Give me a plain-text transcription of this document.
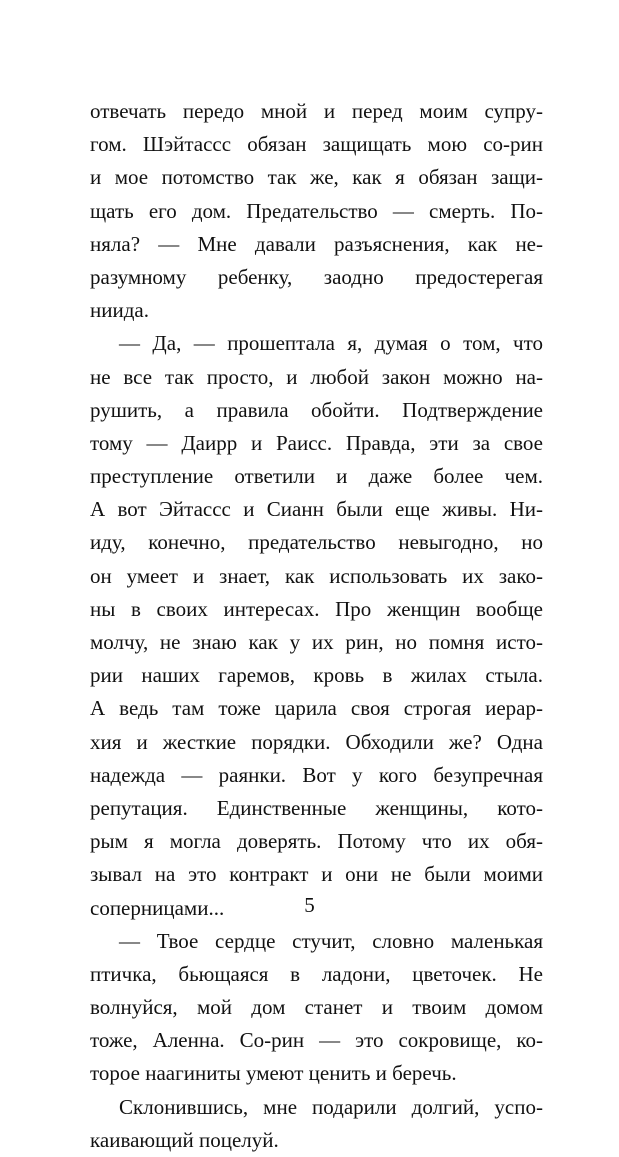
отвечать передо мной и перед моим супру-
гом. Шэйтассс обязан защищать мою со-рин
и мое потомство так же, как я обязан защи-
щать его дом. Предательство — смерть. По-
няла? — Мне давали разъяснения, как не-
разумному ребенку, заодно предостерегая
ниида.
— Да, — прошептала я, думая о том, что
не все так просто, и любой закон можно на-
рушить, а правила обойти. Подтверждение
тому — Даирр и Раисс. Правда, эти за свое
преступление ответили и даже более чем.
А вот Эйтассс и Сианн были еще живы. Ни-
иду, конечно, предательство невыгодно, но
он умеет и знает, как использовать их зако-
ны в своих интересах. Про женщин вообще
молчу, не знаю как у их рин, но помня исто-
рии наших гаремов, кровь в жилах стыла.
А ведь там тоже царила своя строгая иерар-
хия и жесткие порядки. Обходили же? Одна
надежда — раянки. Вот у кого безупречная
репутация. Единственные женщины, кото-
рым я могла доверять. Потому что их обя-
зывал на это контракт и они не были моими
соперницами...
— Твое сердце стучит, словно маленькая
птичка, бьющаяся в ладони, цветочек. Не
волнуйся, мой дом станет и твоим домом
тоже, Аленна. Со-рин — это сокровище, ко-
торое наагиниты умеют ценить и беречь.
Склонившись, мне подарили долгий, успо-
каивающий поцелуй.
5
